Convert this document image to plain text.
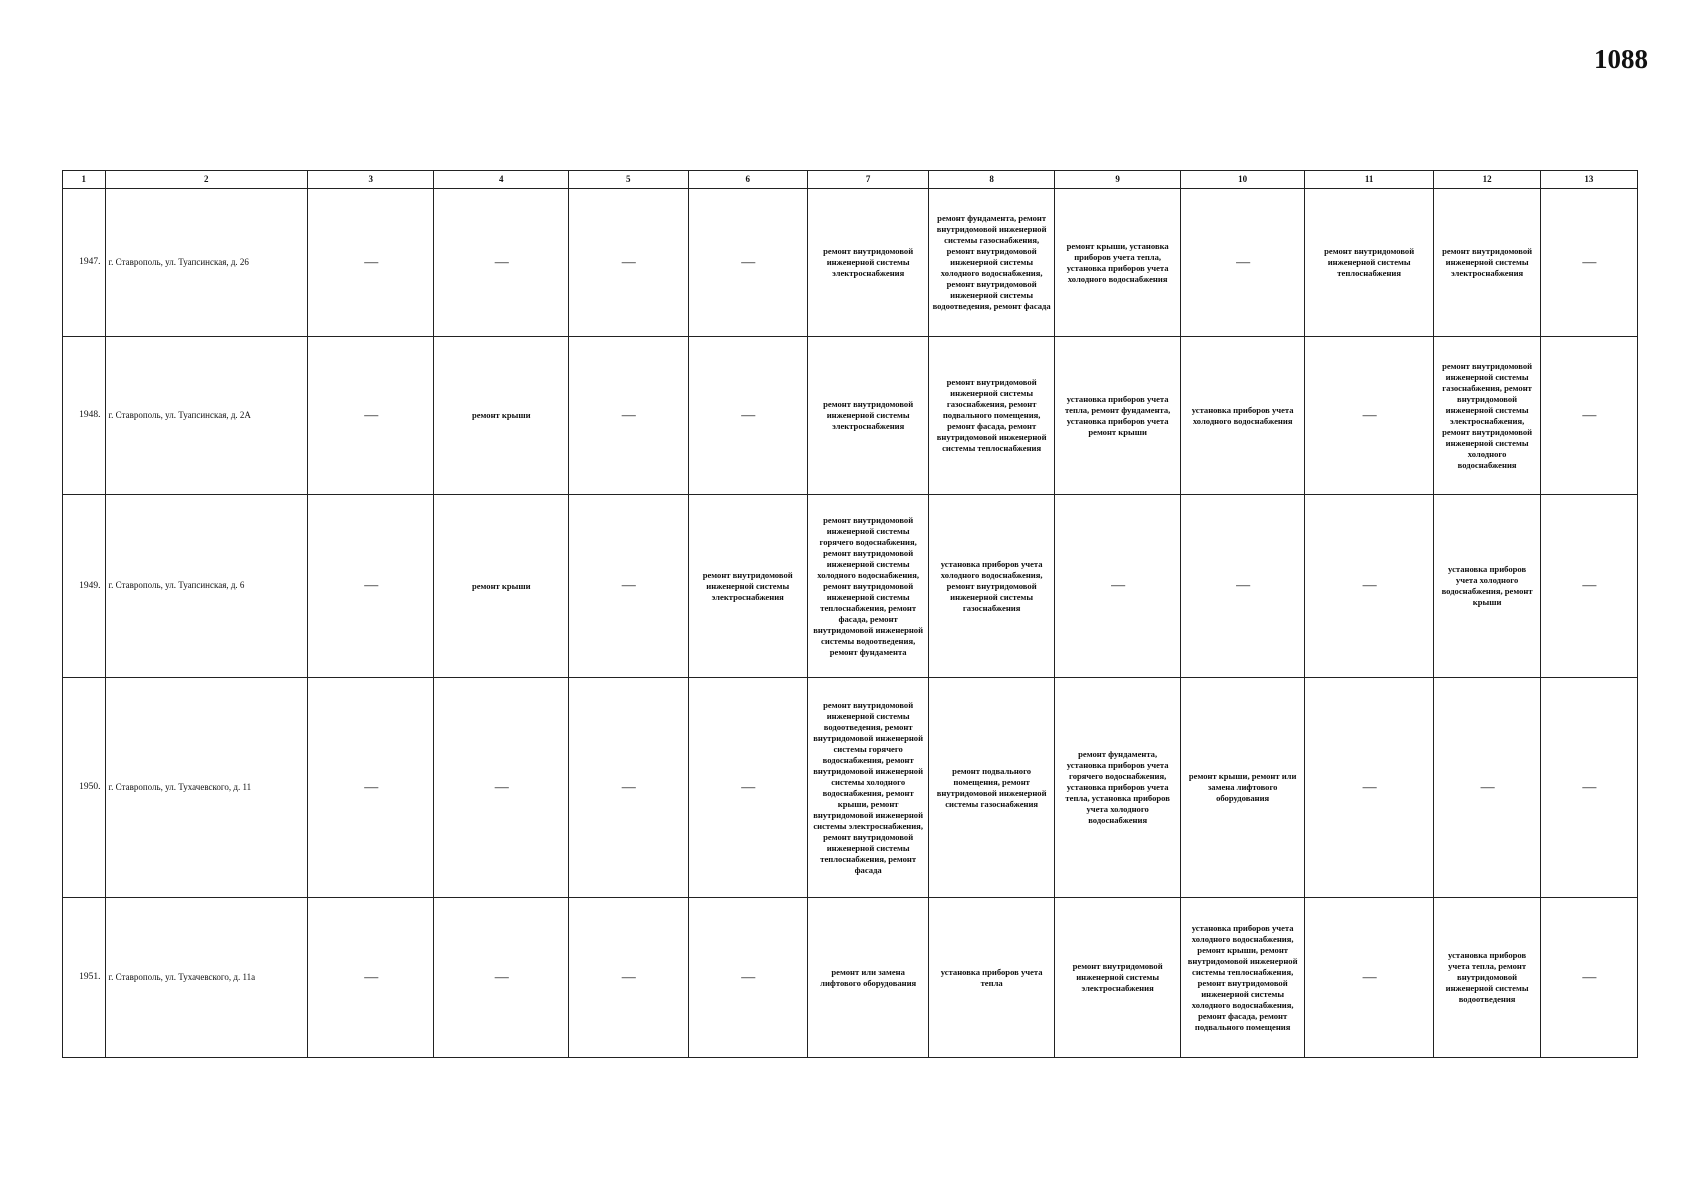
1088
1	2	3	4	5	6	7	8	9	10	11	12	13
1947.	г. Ставрополь, ул. Туапсинская, д. 26	—	—	—	—	ремонт внутридомовой инженерной системы электроснабжения	ремонт фундамента, ремонт внутридомовой инженерной системы газоснабжения, ремонт внутридомовой инженерной системы холодного водоснабжения, ремонт внутридомовой инженерной системы водоотведения, ремонт фасада	ремонт крыши, установка приборов учета тепла, установка приборов учета холодного водоснабжения	—	ремонт внутридомовой инженерной системы теплоснабжения	ремонт внутридомовой инженерной системы электроснабжения	—
1948.	г. Ставрополь, ул. Туапсинская, д. 2А	—	ремонт крыши	—	—	ремонт внутридомовой инженерной системы электроснабжения	ремонт внутридомовой инженерной системы газоснабжения, ремонт подвального помещения, ремонт фасада, ремонт внутридомовой инженерной системы теплоснабжения	установка приборов учета тепла, ремонт фундамента, установка приборов учета ремонт крыши	установка приборов учета холодного водоснабжения	—	ремонт внутридомовой инженерной системы газоснабжения, ремонт внутридомовой инженерной системы электроснабжения, ремонт внутридомовой инженерной системы холодного водоснабжения	—
1949.	г. Ставрополь, ул. Туапсинская, д. 6	—	ремонт крыши	—	ремонт внутридомовой инженерной системы электроснабжения	ремонт внутридомовой инженерной системы горячего водоснабжения, ремонт внутридомовой инженерной системы холодного водоснабжения, ремонт внутридомовой инженерной системы теплоснабжения, ремонт фасада, ремонт внутридомовой инженерной системы водоотведения, ремонт фундамента	установка приборов учета холодного водоснабжения, ремонт внутридомовой инженерной системы газоснабжения	—	—	—	установка приборов учета холодного водоснабжения, ремонт крыши	—
1950.	г. Ставрополь, ул. Тухачевского, д. 11	—	—	—	—	ремонт внутридомовой инженерной системы водоотведения, ремонт внутридомовой инженерной системы горячего водоснабжения, ремонт внутридомовой инженерной системы холодного водоснабжения, ремонт крыши, ремонт внутридомовой инженерной системы электроснабжения, ремонт внутридомовой инженерной системы теплоснабжения, ремонт фасада	ремонт подвального помещения, ремонт внутридомовой инженерной системы газоснабжения	ремонт фундамента, установка приборов учета горячего водоснабжения, установка приборов учета тепла, установка приборов учета холодного водоснабжения	ремонт крыши, ремонт или замена лифтового оборудования	—	—	—
1951.	г. Ставрополь, ул. Тухачевского, д. 11а	—	—	—	—	ремонт или замена лифтового оборудования	установка приборов учета тепла	ремонт внутридомовой инженерной системы электроснабжения	установка приборов учета холодного водоснабжения, ремонт крыши, ремонт внутридомовой инженерной системы теплоснабжения, ремонт внутридомовой инженерной системы холодного водоснабжения, ремонт фасада, ремонт подвального помещения	—	установка приборов учета тепла, ремонт внутридомовой инженерной системы водоотведения	—
